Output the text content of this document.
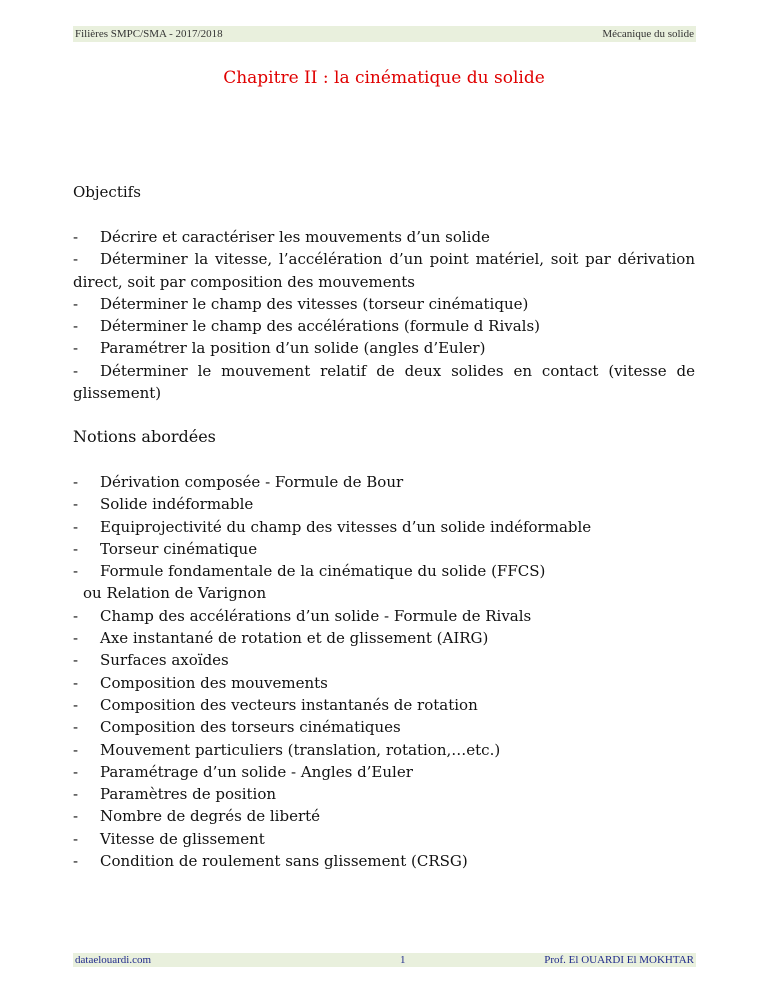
Filières SMPC/SMA - 2017/2018	Mécanique du solide
Chapitre II : la cinématique du solide
Objectifs
-	Décrire et caractériser les mouvements d’un solide
-	Déterminer la vitesse, l’accélération d’un point matériel, soit par dérivation
direct, soit par composition des mouvements
-	Déterminer le champ des vitesses (torseur cinématique)
-	Déterminer le champ des accélérations (formule d Rivals)
-	Paramétrer la position d’un solide (angles d’Euler)
-	Déterminer le mouvement relatif de deux solides en contact (vitesse de
glissement)
Notions abordées
-	Dérivation composée - Formule de Bour
-	Solide indéformable
-	Equiprojectivité du champ des vitesses d’un solide indéformable
-	Torseur cinématique
-	Formule fondamentale de la cinématique du solide (FFCS)
ou Relation de Varignon
-	Champ des accélérations d’un solide - Formule de Rivals
-	Axe instantané de rotation et de glissement (AIRG)
-	Surfaces axoïdes
-	Composition des mouvements
-	Composition des vecteurs instantanés de rotation
-	Composition des torseurs cinématiques
-	Mouvement particuliers (translation, rotation,…etc.)
-	Paramétrage d’un solide - Angles d’Euler
-	Paramètres de position
-	Nombre de degrés de liberté
-	Vitesse de glissement
-	Condition de roulement sans glissement (CRSG)
dataelouardi.com	1	Prof. El OUARDI El MOKHTAR
